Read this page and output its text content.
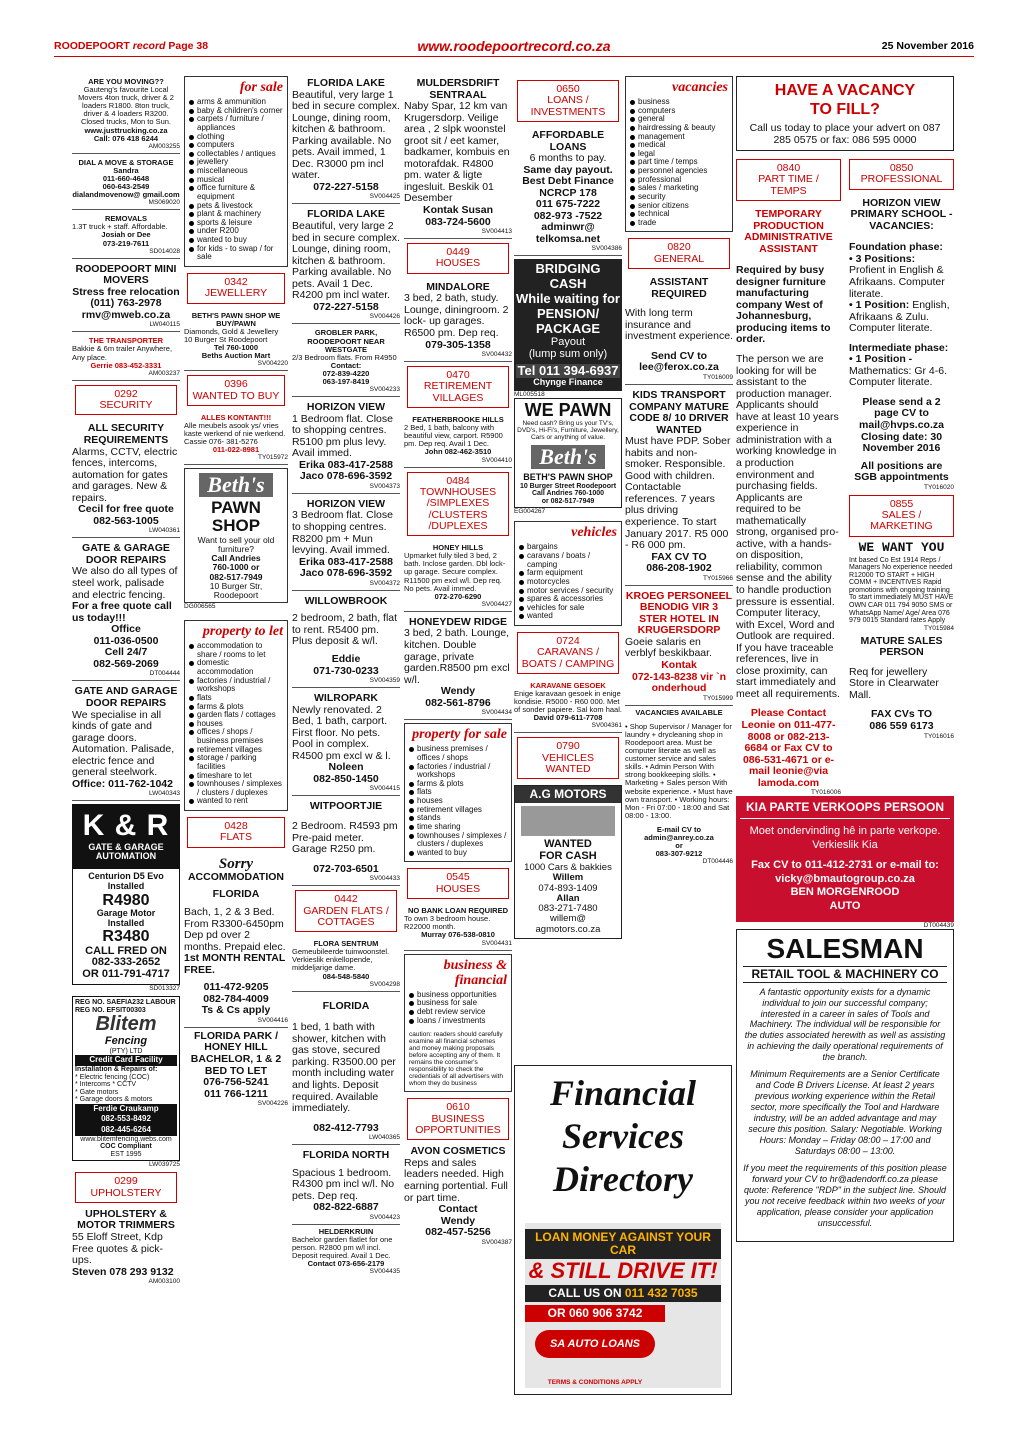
ROODEPOORT record Page 38	www.roodepoortrecord.co.za	25 November 2016
ARE YOU MOVING??
Gauteng's favourite Local Movers 4ton truck, driver & 2 loaders R1800. 8ton truck, driver & 4 loaders R3200. Closed trucks, Mon to Sun.
www.justtrucking.co.za
Call: 076 418 6244
AM003255
DIAL A MOVE & STORAGE
Sandra
011-660-4648
060-643-2549
dialandmovenow@ gmail.com
MS069020
REMOVALS
1.3T truck + staff. Affordable.
Josiah or Dee
073-219-7611
SD014028
ROODEPOORT MINI MOVERS
Stress free relocation
(011) 763-2978
rmv@mweb.co.za
LW040115
THE TRANSPORTER
Bakkie & 6m trailer Anywhere, Any place.
Gerrie 083-452-3331
AM003237
0292
SECURITY
ALL SECURITY REQUIREMENTS
Alarms, CCTV, electric fences, intercoms, automation for gates and garages. New & repairs.
Cecil for free quote
082-563-1005
LW040361
GATE & GARAGE DOOR REPAIRS
We also do all types of steel work, palisade and electric fencing.
For a free quote call us today!!!
Office
011-036-0500
Cell 24/7
082-569-2069
DT004444
GATE AND GARAGE DOOR REPAIRS
We specialise in all kinds of gate and garage doors. Automation. Palisade, electric fence and general steelwork.
Office: 011-762-1042
LW040343
K & R
GATE & GARAGE
AUTOMATION
Centurion D5 Evo
Installed
R4980
Garage Motor
Installed
R3480
CALL FRED ON
082-333-2652
OR 011-791-4717
SD013327
REG NO. SAEFIA232 LABOUR REG NO. EFSIT00303
Blitem
Fencing
(PTY) LTD
Credit Card Facility
Installation & Repairs of:
* Electric fencing (COC)
* Intercoms * CCTV
* Gate motors
* Garage doors & motors
Ferdie Craukamp
082-553-8492
082-445-6264
www.blitemfencing.webs.com
COC Compliant
EST 1995
LW039725
0299
UPHOLSTERY
UPHOLSTERY & MOTOR TRIMMERS
55 Eloff Street, Kdp Free quotes & pick-ups.
Steven 078 293 9132
AM003100
for sale
arms & ammunition
baby & children's corner
carpets / furniture / appliances
clothing
computers
collectables / antiques
jewellery
miscellaneous
musical
office furniture & equipment
pets & livestock
plant & machinery
sports & leisure
under R200
wanted to buy
for kids - to swap / for sale
0342
JEWELLERY
BETH'S PAWN SHOP WE BUY/PAWN
Diamonds, Gold & Jewellery 10 Burger St Roodepoort
Tel 760-1000
Beths Auction Mart
SV004220
0396
WANTED TO BUY
ALLES KONTANT!!!
Alle meubels asook ys/ vries kaste werkend of nie werkend. Cassie 076- 381-5276
011-022-8981
TY015972
Beth's
PAWN SHOP
Want to sell your old furniture?
Call Andries
760-1000 or
082-517-7949
10 Burger Str, Roodepoort
DG006565
property to let
accommodation to share / rooms to let
domestic accommodation
factories / industrial / workshops
flats
farms & plots
garden flats / cottages
houses
offices / shops / business premises
retirement villages
storage / parking facilities
timeshare to let
townhouses / simplexes / clusters / duplexes
wanted to rent
0428
FLATS
Sorry
ACCOMMODATION
FLORIDA
Bach, 1, 2 & 3 Bed. From R3300-6450pm Dep pd over 2 months. Prepaid elec.
1st MONTH RENTAL FREE.
011-472-9205
082-784-4009
Ts & Cs apply
SV004416
FLORIDA PARK / HONEY HILL BACHELOR, 1 & 2 BED TO LET
076-756-5241
011 766-1211
SV004226
FLORIDA LAKE
Beautiful, very large 1 bed in secure complex. Lounge, dining room, kitchen & bathroom. Parking available. No pets. Avail immed, 1 Dec. R3000 pm incl water.
072-227-5158
SV004425
FLORIDA LAKE
Beautiful, very large 2 bed in secure complex. Lounge, dining room, kitchen & bathroom. Parking available. No pets. Avail 1 Dec. R4200 pm incl water.
072-227-5158
SV004426
GROBLER PARK, ROODEPOORT NEAR WESTGATE
2/3 Bedroom flats. From R4950
Contact:
072-839-4220
063-197-8419
SV004233
HORIZON VIEW
1 Bedroom flat. Close to shopping centres. R5100 pm plus levy. Avail immed.
Erika 083-417-2588
Jaco 078-696-3592
SV004373
HORIZON VIEW
3 Bedroom flat. Close to shopping centres. R8200 pm + Mun levying. Avail immed.
Erika 083-417-2588
Jaco 078-696-3592
SV004372
WILLOWBROOK
2 bedroom, 2 bath, flat to rent. R5400 pm. Plus deposit & w/l.
Eddie
071-730-0233
SV004359
WILROPARK
Newly renovated. 2 Bed, 1 bath, carport. First floor. No pets. Pool in complex. R4500 pm excl w & l.
Noleen
082-850-1450
SV004415
WITPOORTJIE
2 Bedroom. R4593 pm Pre-paid meter. Garage R250 pm.
072-703-6501
SV004433
0442
GARDEN FLATS / COTTAGES
FLORA SENTRUM
Gemeubileerde tuinwoonstel. Verkieslik enkellopende, middeljarige dame.
084-548-5840
SV004298
FLORIDA
1 bed, 1 bath with shower, kitchen with gas stove, secured parking. R3500.00 per month including water and lights. Deposit required. Available immediately.
082-412-7793
LW040365
FLORIDA NORTH
Spacious 1 bedroom. R4300 pm incl w/l. No pets. Dep req.
082-822-6887
SV004423
HELDERKRUIN
Bachelor garden flatlet for one person. R2800 pm w/l incl. Deposit required. Avail 1 Dec.
Contact 073-656-2179
SV004435
MULDERSDRIFT SENTRAAL
Naby Spar, 12 km van Krugersdorp. Veilige area , 2 slpk woonstel groot sit / eet kamer, badkamer, kombuis en motorafdak. R4800 pm. water & ligte ingesluit. Beskik 01 Desember
Kontak Susan
083-724-5600
SV004413
0449
HOUSES
MINDALORE
3 bed, 2 bath, study. Lounge, diningroom. 2 lock- up garages. R6500 pm. Dep req.
079-305-1358
SV004432
0470
RETIREMENT VILLAGES
FEATHERBROOKE HILLS
2 Bed, 1 bath, balcony with beautiful view, carport. R5900 pm. Dep req. Avail 1 Dec.
John 082-462-3510
SV004410
0484
TOWNHOUSES /SIMPLEXES /CLUSTERS /DUPLEXES
HONEY HILLS
Upmarket fully tiled 3 bed, 2 bath. Inclose garden. Dbl lock-up garage. Secure complex. R11500 pm excl w/l. Dep req. No pets. Avail immed.
072-270-6290
SV004427
HONEYDEW RIDGE
3 bed, 2 bath. Lounge, kitchen. Double garage, private garden.R8500 pm excl w/l.
Wendy
082-561-8796
SV004434
property for sale
business premises / offices / shops
factories / industrial / workshops
farms & plots
flats
houses
retirement villages
stands
time sharing
townhouses / simplexes / clusters / duplexes
wanted to buy
0545
HOUSES
NO BANK LOAN REQUIRED
To own 3 bedroom house. R22000 month.
Murray 076-538-0810
SV004431
business & financial
business opportunities
business for sale
debt review service
loans / investments
caution: readers should carefully examine all financial schemes and money making proposals before accepting any of them. It remains the consumer's responsibility to check the credentials of all advertisers with whom they do business
0610
BUSINESS OPPORTUNITIES
AVON COSMETICS
Reps and sales leaders needed. High earning portential. Full or part time.
Contact
Wendy
082-457-5256
SV004387
0650
LOANS / INVESTMENTS
AFFORDABLE LOANS
6 months to pay.
Same day payout.
Best Debt Finance NCRCP 178
011 675-7222
082-973 -7522
adminwr@
telkomsa.net
SV004386
BRIDGING CASH
While waiting for PENSION/ PACKAGE
Payout
(lump sum only)
Tel 011 394-6937
Chynge Finance
ML005518
WE PAWN
Need cash? Bring us your TV's, DVD's, Hi-Fi's, Furniture, Jewellery, Cars or anything of value.
Beth's
BETH'S PAWN SHOP
10 Burger Street Roodepoort
Call Andries 760-1000
or 082-517-7949
EG004267
vehicles
bargains
caravans / boats / camping
farm equipment
motorcycles
motor services / security
spares & accessories
vehicles for sale
wanted
0724
CARAVANS / BOATS / CAMPING
KARAVANE GESOEK
Enige karavaan gesoek in enige kondisie. R5000 - R60 000. Met of sonder papiere. Sal kom haal.
David 079-611-7708
SV004361
0790
VEHICLES WANTED
A.G MOTORS
WANTED
FOR CASH
1000 Cars & bakkies
Willem
074-893-1409
Allan
083-271-7480
willem@
agmotors.co.za
Financial
Services
Directory
LOAN MONEY AGAINST YOUR CAR
& STILL DRIVE IT!
CALL US ON 011 432 7035
OR 060 906 3742
SA AUTO LOANS
TERMS & CONDITIONS APPLY
vacancies
business
computers
general
hairdressing & beauty
management
medical
legal
part time / temps
personnel agencies
professional
sales / marketing
security
senior citizens
technical
trade
0820
GENERAL
ASSISTANT REQUIRED
With long term insurance and investment experience.
Send CV to
lee@ferox.co.za
TY016009
KIDS TRANSPORT COMPANY MATURE CODE 8/ 10 DRIVER WANTED
Must have PDP. Sober habits and non-smoker. Responsible. Good with children. Contactable references. 7 years plus driving experience. To start January 2017. R5 000 - R6 000 pm.
FAX CV TO
086-208-1902
TY015966
KROEG PERSONEEL BENODIG VIR 3 STER HOTEL IN KRUGERSDORP
Goeie salaris en verblyf beskikbaar.
Kontak
072-143-8238 vir `n onderhoud
TY015999
VACANCIES AVAILABLE
• Shop Supervisor / Manager for laundry + drycleaning shop in Roodepoort area. Must be computer literate as well as customer service and sales skills. • Admin Person With strong bookkeeping skills. • Marketing + Sales person With website experience. • Must have own transport. • Working hours: Mon - Fri 07:00 - 18:00 and Sat 08:00 - 13:00.
E-mail CV to
admin@anrey.co.za
or
083-307-9212
DT004446
HAVE A VACANCY
TO FILL?
Call us today to place your advert on 087 285 0575 or fax: 086 595 0000
0840
PART TIME / TEMPS
TEMPORARY PRODUCTION ADMINISTRATIVE ASSISTANT
Required by busy designer furniture manufacturing company West of Johannesburg, producing items to order.
The person we are looking for will be assistant to the production manager. Applicants should have at least 10 years experience in administration with a working knowledge in a production environment and purchasing fields. Applicants are required to be mathematically strong, organised pro-active, with a hands-on disposition, reliability, common sense and the ability to handle production pressure is essential. Computer literacy, with Excel, Word and Outlook are required. If you have traceable references, live in close proximity, can start immediately and meet all requirements.
Please Contact Leonie on 011-477-8008 or 082-213-6684 or Fax CV to 086-531-4671 or e-mail leonie@via lamoda.com
TY016006
0850
PROFESSIONAL
HORIZON VIEW PRIMARY SCHOOL - VACANCIES:
Foundation phase:
• 3 Positions: Profient in English & Afrikaans. Computer literate.
• 1 Position: English, Afrikaans & Zulu. Computer literate.
Intermediate phase:
• 1 Position - Mathematics: Gr 4-6. Computer literate.
Please send a 2 page CV to mail@hvps.co.za Closing date: 30 November 2016
All positions are SGB appointments
TY016020
0855
SALES / MARKETING
WE WANT YOU
Int based Co Est 1914 Reps / Managers No experience needed R12000 TO START + HIGH COMM + INCENTIVES Rapid promotions with ongoing training To start immediately MUST HAVE OWN CAR 011 794 9050 SMS or WhatsApp Name/ Age/ Area 076 979 0015 Standard rates Apply
TY015984
MATURE SALES PERSON
Req for jewellery Store in Clearwater Mall.
FAX CVs TO
086 559 6173
TY016016
KIA PARTE VERKOOPS PERSOON
Moet ondervinding hê in parte verkope. Verkieslik Kia
Fax CV to 011-412-2731 or e-mail to:
vicky@bmautogroup.co.za
BEN MORGENROOD
AUTO
DT004439
SALESMAN
RETAIL TOOL & MACHINERY CO

A fantastic opportunity exists for a dynamic individual to join our successful company; interested in a career in sales of Tools and Machinery. The individual will be responsible for the duties associated herewith as well as assisting in achieving the daily operational requirements of the branch.

Minimum Requirements are a Senior Certificate and Code B Drivers License. At least 2 years previous working experience within the Retail sector, more specifically the Tool and Hardware industry, will be an added advantage and may secure this position. Salary: Negotiable. Working Hours: Monday – Friday 08:00 – 17:00 and Saturdays 08:00 – 13:00.

If you meet the requirements of this position please forward your CV to hr@adendorff.co.za please quote: Reference "RDP" in the subject line. Should you not receive feedback within two weeks of your application, please consider your application unsuccessful.
